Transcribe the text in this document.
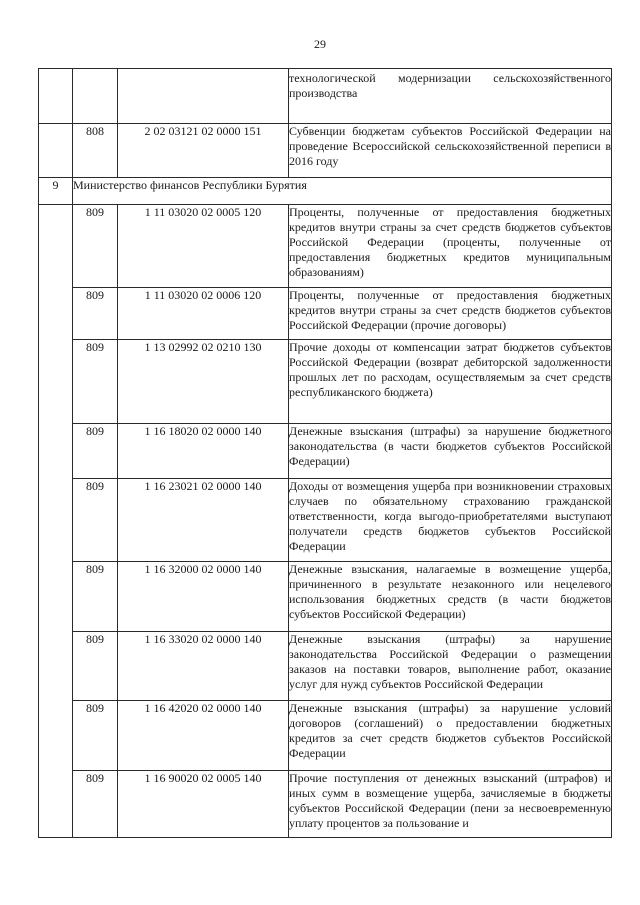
29
			технологической модернизации сельскохозяйственного производства
	808	2 02 03121 02 0000 151	Субвенции бюджетам субъектов Российской Федерации на проведение Всероссийской сельскохозяйственной переписи в 2016 году
9	Министерство финансов Республики Бурятия		
	809	1 11 03020 02 0005 120	Проценты, полученные от предоставления бюджетных кредитов внутри страны за счет средств бюджетов субъектов Российской Федерации (проценты, полученные от предоставления бюджетных кредитов муниципальным образованиям)
	809	1 11 03020 02 0006 120	Проценты, полученные от предоставления бюджетных кредитов внутри страны за счет средств бюджетов субъектов Российской Федерации (прочие договоры)
	809	1 13 02992 02 0210 130	Прочие доходы от компенсации затрат бюджетов субъектов Российской Федерации (возврат дебиторской задолженности прошлых лет по расходам, осуществляемым за счет средств республиканского бюджета)
	809	1 16 18020 02 0000 140	Денежные взыскания (штрафы) за нарушение бюджетного законодательства (в части бюджетов субъектов Российской Федерации)
	809	1 16 23021 02 0000 140	Доходы от возмещения ущерба при возникновении страховых случаев по обязательному страхованию гражданской ответственности, когда выгодо-приобретателями выступают получатели средств бюджетов субъектов Российской Федерации
	809	1 16 32000 02 0000 140	Денежные взыскания, налагаемые в возмещение ущерба, причиненного в результате незаконного или нецелевого использования бюджетных средств (в части бюджетов субъектов Российской Федерации)
	809	1 16 33020 02 0000 140	Денежные взыскания (штрафы) за нарушение законодательства Российской Федерации о размещении заказов на поставки товаров, выполнение работ, оказание услуг для нужд субъектов Российской Федерации
	809	1 16 42020 02 0000 140	Денежные взыскания (штрафы) за нарушение условий договоров (соглашений) о предоставлении бюджетных кредитов за счет средств бюджетов субъектов Российской Федерации
	809	1 16 90020 02 0005 140	Прочие поступления от денежных взысканий (штрафов) и иных сумм в возмещение ущерба, зачисляемые в бюджеты субъектов Российской Федерации (пени за несвоевременную уплату процентов за пользование и
